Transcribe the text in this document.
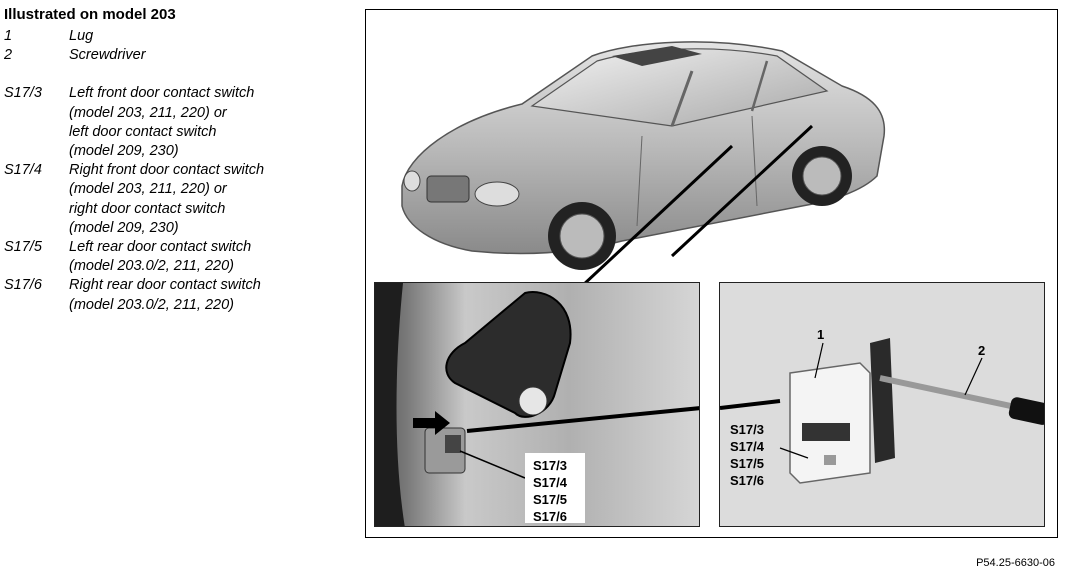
Illustrated on model 203
1	Lug
2	Screwdriver
S17/3	Left front door contact switch
(model 203, 211, 220) or
left door contact switch
(model 209, 230)
S17/4	Right front door contact switch
(model 203, 211, 220) or
right door contact switch
(model 209, 230)
S17/5	Left rear door contact switch
(model 203.0/2, 211, 220)
S17/6	Right rear door contact switch
(model 203.0/2, 211, 220)
S17/3
S17/4
S17/5
S17/6
1
2
S17/3
S17/4
S17/5
S17/6
P54.25-6630-06
